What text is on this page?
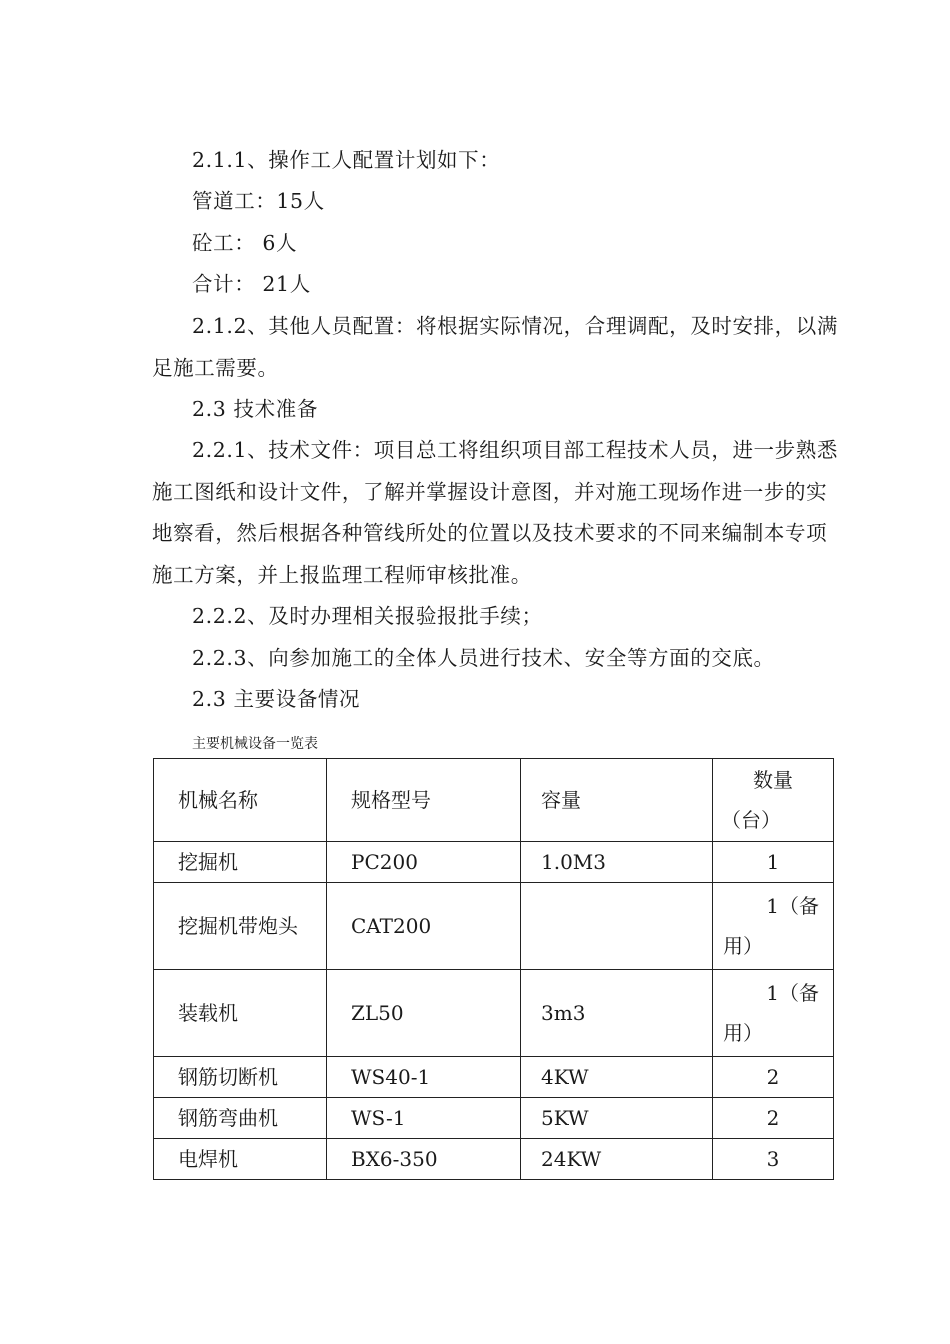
2.1.1、操作工人配置计划如下：
管道工：15人
砼工： 6人
合计： 21人
2.1.2、其他人员配置：将根据实际情况，合理调配，及时安排，以满足施工需要。
2.3 技术准备
2.2.1、技术文件：项目总工将组织项目部工程技术人员，进一步熟悉施工图纸和设计文件，了解并掌握设计意图，并对施工现场作进一步的实地察看，然后根据各种管线所处的位置以及技术要求的不同来编制本专项施工方案，并上报监理工程师审核批准。
2.2.2、及时办理相关报验报批手续；
2.2.3、向参加施工的全体人员进行技术、安全等方面的交底。
2.3 主要设备情况
主要机械设备一览表
机械名称	规格型号	容量	数量
（台）

挖掘机	PC200	1.0M3	1
挖掘机带炮头	CAT200		1（备
用）

装载机	ZL50	3m3	1（备
用）

钢筋切断机	WS40-1	4KW	2
钢筋弯曲机	WS-1	5KW	2
电焊机	BX6-350	24KW	3
